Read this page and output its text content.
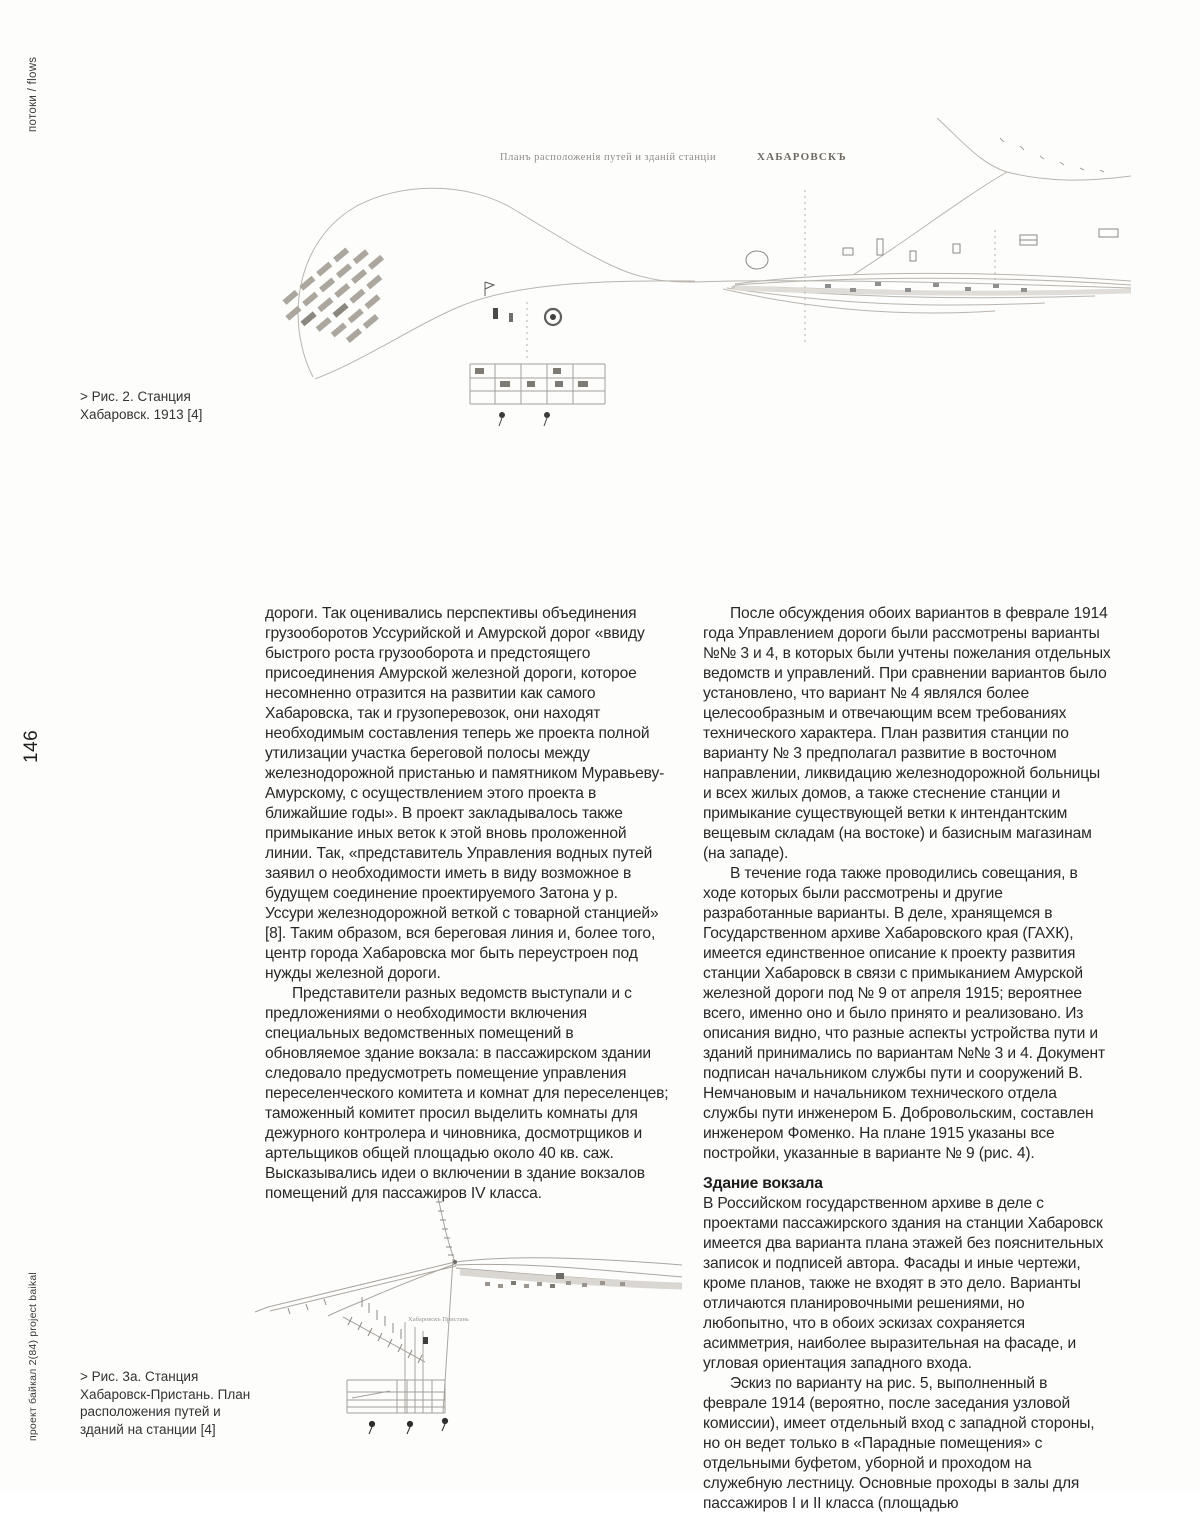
потоки / flows
146
проект байкал 2(84) project baikal
Планъ расположенія путей и зданій станціи	ХАБАРОВСКЪ
> Рис. 2. Станция
Хабаровск. 1913 [4]

дороги. Так оценивались перспективы объединения грузооборотов Уссурийской и Амурской дорог «ввиду быстрого роста грузооборота и предстоящего присоединения Амурской железной дороги, которое несомненно отразится на развитии как самого Хабаровска, так и грузоперевозок, они находят необходимым составления теперь же проекта полной утилизации участка береговой полосы между железнодорожной пристанью и памятником Муравьеву-Амурскому, с осуществлением этого проекта в ближайшие годы». В проект закладывалось также примыкание иных веток к этой вновь проложенной линии. Так, «представитель Управления водных путей заявил о необходимости иметь в виду возможное в будущем соединение проектируемого Затона у р. Уссури железнодорожной веткой с товарной станцией» [8]. Таким образом, вся береговая линия и, более того, центр города Хабаровска мог быть переустроен под нужды железной дороги.

Представители разных ведомств выступали и с предложениями о необходимости включения специальных ведомственных помещений в обновляемое здание вокзала: в пассажирском здании следовало предусмотреть помещение управления переселенческого комитета и комнат для переселенцев; таможенный комитет просил выделить комнаты для дежурного контролера и чиновника, досмотрщиков и артельщиков общей площадью около 40 кв. саж. Высказывались идеи о включении в здание вокзалов помещений для пассажиров IV класса.

После обсуждения обоих вариантов в феврале 1914 года Управлением дороги были рассмотрены варианты №№ 3 и 4, в которых были учтены пожелания отдельных ведомств и управлений. При сравнении вариантов было установлено, что вариант № 4 являлся более целесообразным и отвечающим всем требованиях технического характера. План развития станции по варианту № 3 предполагал развитие в восточном направлении, ликвидацию железнодорожной больницы и всех жилых домов, а также стеснение станции и примыкание существующей ветки к интендантским вещевым складам (на востоке) и базисным магазинам (на западе).

В течение года также проводились совещания, в ходе которых были рассмотрены и другие разработанные варианты. В деле, хранящемся в Государственном архиве Хабаровского края (ГАХК), имеется единственное описание к проекту развития станции Хабаровск в связи с примыканием Амурской железной дороги под № 9 от апреля 1915; вероятнее всего, именно оно и было принято и реализовано. Из описания видно, что разные аспекты устройства пути и зданий принимались по вариантам №№ 3 и 4. Документ подписан начальником службы пути и сооружений В. Немчановым и начальником технического отдела службы пути инженером Б. Добровольским, составлен инженером Фоменко. На плане 1915 указаны все постройки, указанные в варианте № 9 (рис. 4).

Здание вокзала

В Российском государственном архиве в деле с проектами пассажирского здания на станции Хабаровск имеется два варианта плана этажей без пояснительных записок и подписей автора. Фасады и иные чертежи, кроме планов, также не входят в это дело. Варианты отличаются планировочными решениями, но любопытно, что в обоих эскизах сохраняется асимметрия, наиболее выразительная на фасаде, и угловая ориентация западного входа.

Эскиз по варианту на рис. 5, выполненный в феврале 1914 (вероятно, после заседания узловой комиссии), имеет отдельный вход с западной стороны, но он ведет только в «Парадные помещения» с отдельными буфетом, уборной и проходом на служебную лестницу. Основные проходы в залы для пассажиров I и II класса (площадью

Хабаровскъ Пристань
> Рис. 3а. Станция
Хабаровск-Пристань. План
расположения путей и
зданий на станции [4]
